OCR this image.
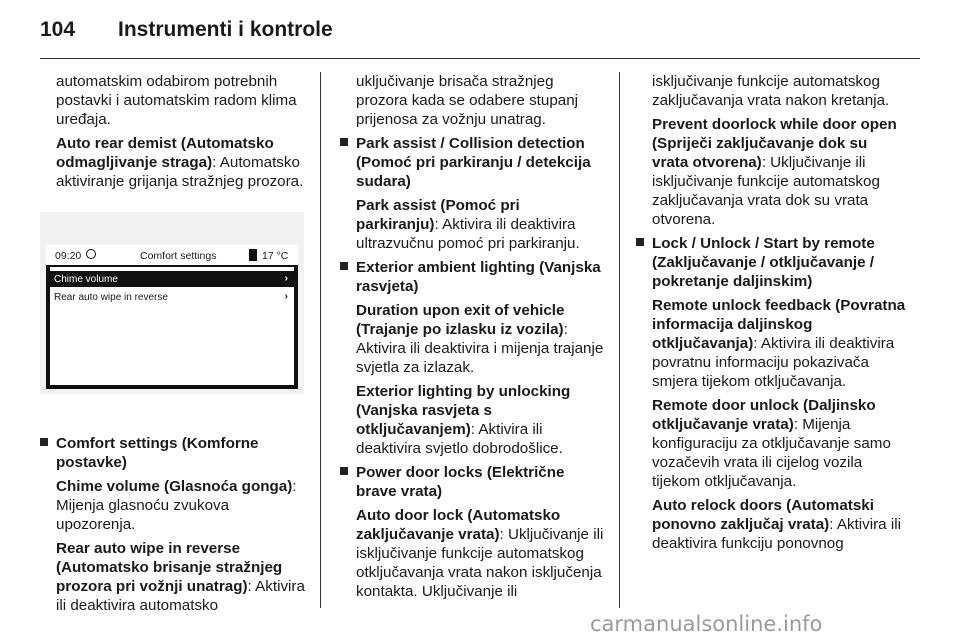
104 Instrumenti i kontrole

automatskim odabirom potrebnih postavki i automatskim radom klima uređaja.

Auto rear demist (Automatsko odmagljivanje straga): Automatsko aktiviranje grijanja stražnjeg prozora.

09:20	Comfort settings	17 °C
Chime volume	›
Rear auto wipe in reverse	›
Comfort settings (Komforne postavke)

Chime volume (Glasnoća gonga): Mijenja glasnoću zvukova upozorenja.

Rear auto wipe in reverse (Automatsko brisanje stražnjeg prozora pri vožnji unatrag): Aktivira ili deaktivira automatsko

uključivanje brisača stražnjeg prozora kada se odabere stupanj prijenosa za vožnju unatrag.

Park assist / Collision detection (Pomoć pri parkiranju / detekcija sudara)

Park assist (Pomoć pri parkiranju): Aktivira ili deaktivira ultrazvučnu pomoć pri parkiranju.

Exterior ambient lighting (Vanjska rasvjeta)

Duration upon exit of vehicle (Trajanje po izlasku iz vozila): Aktivira ili deaktivira i mijenja trajanje svjetla za izlazak.

Exterior lighting by unlocking (Vanjska rasvjeta s otključavanjem): Aktivira ili deaktivira svjetlo dobrodošlice.

Power door locks (Električne brave vrata)

Auto door lock (Automatsko zaključavanje vrata): Uključivanje ili isključivanje funkcije automatskog otključavanja vrata nakon isključenja kontakta. Uključivanje ili

isključivanje funkcije automatskog zaključavanja vrata nakon kretanja.

Prevent doorlock while door open (Spriječi zaključavanje dok su vrata otvorena): Uključivanje ili isključivanje funkcije automatskog zaključavanja vrata dok su vrata otvorena.

Lock / Unlock / Start by remote (Zaključavanje / otključavanje / pokretanje daljinskim)

Remote unlock feedback (Povratna informacija daljinskog otključavanja): Aktivira ili deaktivira povratnu informaciju pokazivača smjera tijekom otključavanja.

Remote door unlock (Daljinsko otključavanje vrata): Mijenja konfiguraciju za otključavanje samo vozačevih vrata ili cijelog vozila tijekom otključavanja.

Auto relock doors (Automatski ponovno zaključaj vrata): Aktivira ili deaktivira funkciju ponovnog

carmanualsonline.info
